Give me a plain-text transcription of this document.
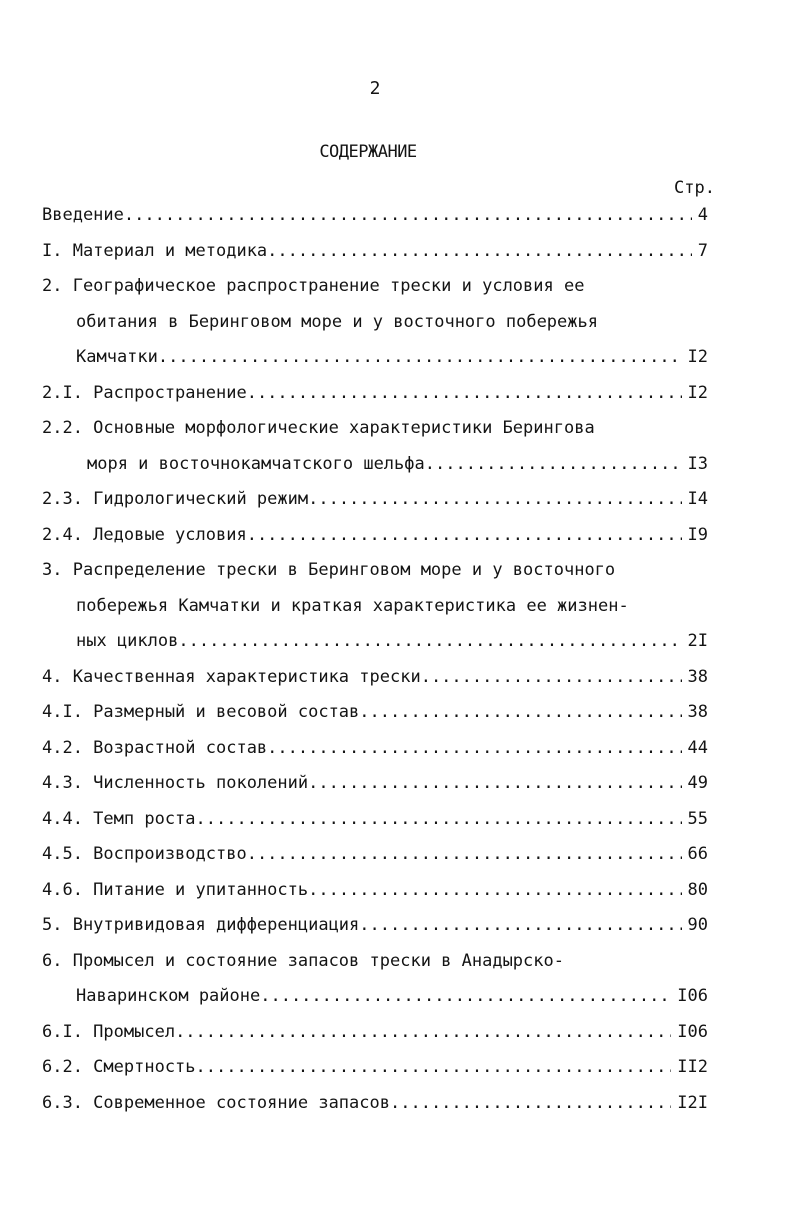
2
СОДЕРЖАНИЕ
Стр.
Введение .....	4
I. Материал и методика .....	7
2. Географическое распространение трески и условия ее
обитания в Беринговом море и у восточного побережья
Камчатки .....	I2
2.I. Распространение .....	I2
2.2. Основные морфологические характеристики Берингова
моря и восточнокамчатского шельфа .....	I3
2.3. Гидрологический режим .....	I4
2.4. Ледовые условия .....	I9
3. Распределение трески в Беринговом море и у восточного
побережья Камчатки и краткая характеристика ее жизнен-
ных циклов .....	2I
4. Качественная характеристика трески .....	38
4.I. Размерный и весовой состав .....	38
4.2. Возрастной состав .....	44
4.3. Численность поколений .....	49
4.4. Темп роста .....	55
4.5. Воспроизводство .....	66
4.6. Питание и упитанность .....	80
5. Внутривидовая дифференциация .....	90
6. Промысел и состояние запасов трески в Анадырско-
Наваринском районе .....	I06
6.I. Промысел .....	I06
6.2. Смертность .....	II2
6.3. Современное состояние запасов .....	I2I
